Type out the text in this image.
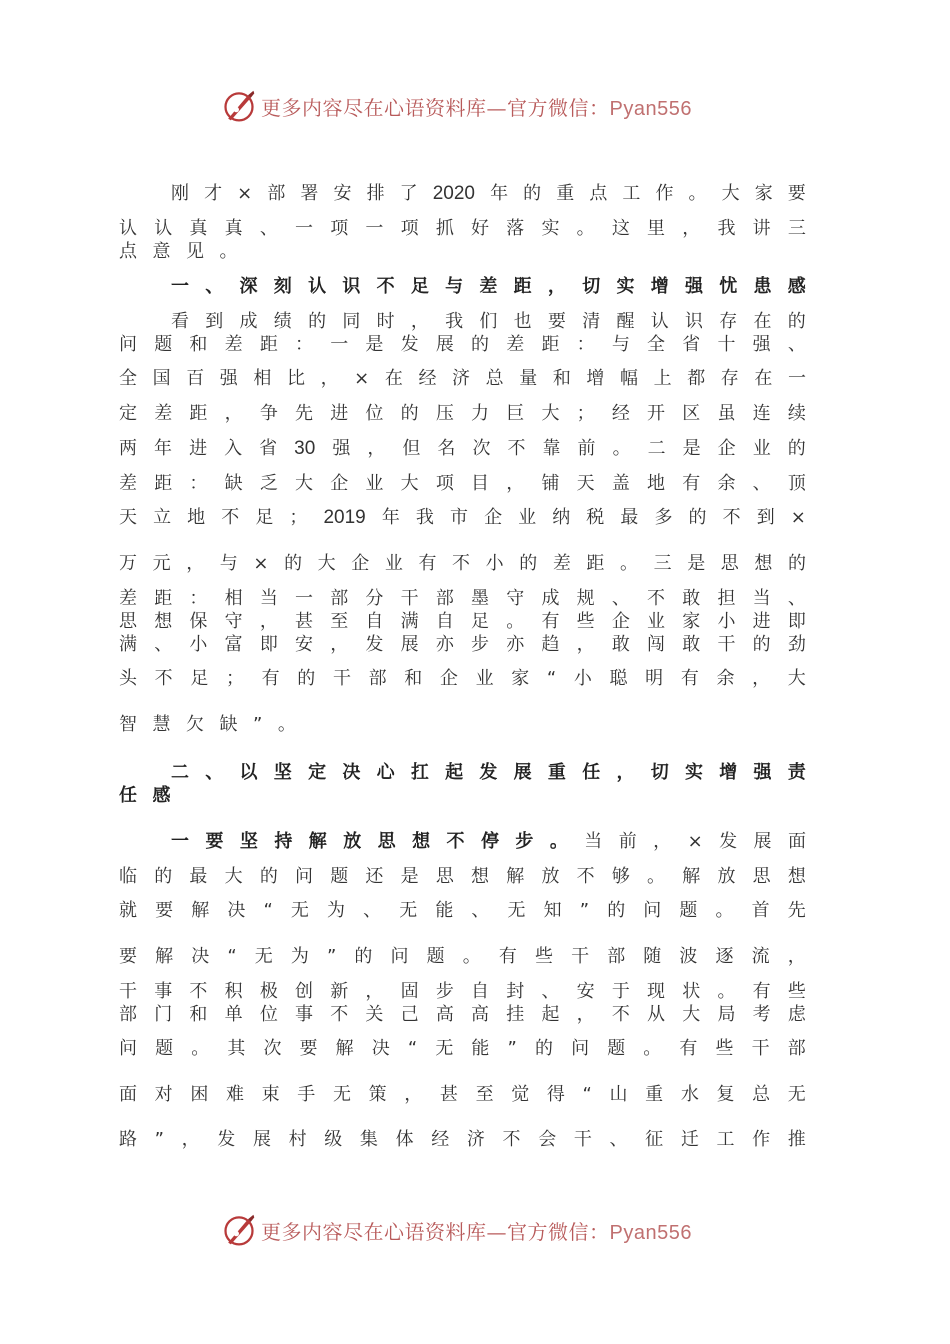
更多内容尽在心语资料库—官方微信：Pyan556
刚 才 × 部 署 安 排 了 2020 年 的 重 点 工 作 。 大 家 要
认 认 真 真 、 一 项 一 项 抓 好 落 实 。 这 里 ， 我 讲 三
点 意 见 。
一 、 深 刻 认 识 不 足 与 差 距 ， 切 实 增 强 忧 患 感
看 到 成 绩 的 同 时 ， 我 们 也 要 清 醒 认 识 存 在 的
问 题 和 差 距 ： 一 是 发 展 的 差 距 ： 与 全 省 十 强 、
全 国 百 强 相 比 ， × 在 经 济 总 量 和 增 幅 上 都 存 在 一
定 差 距 ， 争 先 进 位 的 压 力 巨 大 ； 经 开 区 虽 连 续
两 年 进 入 省 30 强 ， 但 名 次 不 靠 前 。 二 是 企 业 的
差 距 ： 缺 乏 大 企 业 大 项 目 ， 铺 天 盖 地 有 余 、 顶
天 立 地 不 足 ； 2019 年 我 市 企 业 纳 税 最 多 的 不 到 ×
万 元 ， 与 × 的 大 企 业 有 不 小 的 差 距 。 三 是 思 想 的
差 距 ： 相 当 一 部 分 干 部 墨 守 成 规 、 不 敢 担 当 、
思 想 保 守 ， 甚 至 自 满 自 足 。 有 些 企 业 家 小 进 即
满 、 小 富 即 安 ， 发 展 亦 步 亦 趋 ， 敢 闯 敢 干 的 劲
头 不 足 ； 有 的 干 部 和 企 业 家 “ 小 聪 明 有 余 ， 大
智 慧 欠 缺 ” 。
二 、 以 坚 定 决 心 扛 起 发 展 重 任 ， 切 实 增 强 责
任 感
一 要 坚 持 解 放 思 想 不 停 步 。 当 前 ， × 发 展 面
临 的 最 大 的 问 题 还 是 思 想 解 放 不 够 。 解 放 思 想
就 要 解 决 “ 无 为 、 无 能 、 无 知 ” 的 问 题 。 首 先
要 解 决 “ 无 为 ” 的 问 题 。 有 些 干 部 随 波 逐 流 ，
干 事 不 积 极 创 新 ， 固 步 自 封 、 安 于 现 状 。 有 些
部 门 和 单 位 事 不 关 己 高 高 挂 起 ， 不 从 大 局 考 虑
问 题 。 其 次 要 解 决 “ 无 能 ” 的 问 题 。 有 些 干 部
面 对 困 难 束 手 无 策 ， 甚 至 觉 得 “ 山 重 水 复 总 无
路 ” ， 发 展 村 级 集 体 经 济 不 会 干 、 征 迁 工 作 推
更多内容尽在心语资料库—官方微信：Pyan556
